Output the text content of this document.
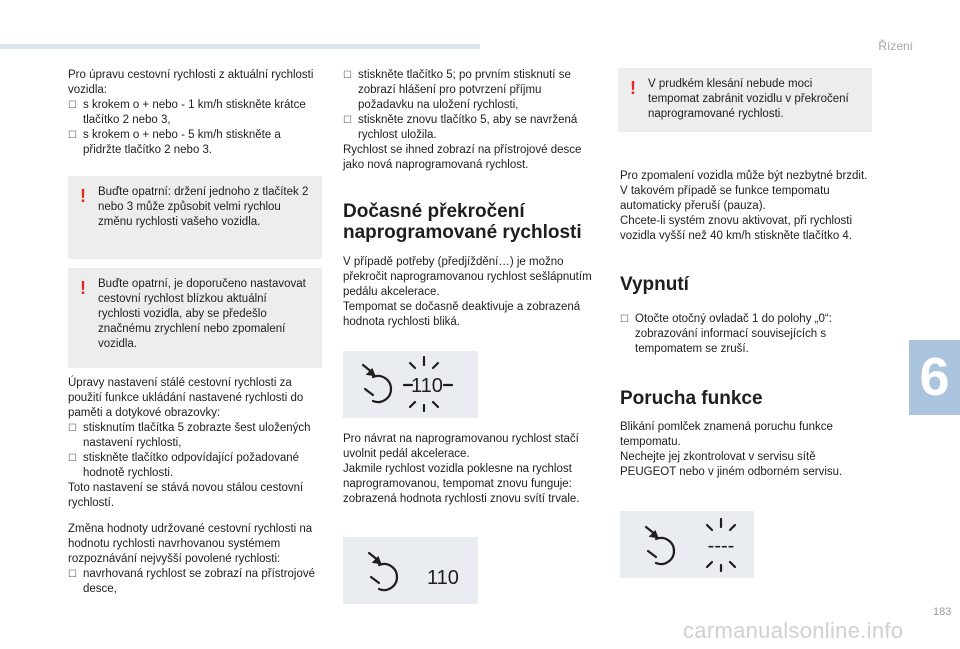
Řízení
6
183

Pro úpravu cestovní rychlosti z aktuální rychlosti vozidla:

☐ s krokem o + nebo - 1 km/h stiskněte krátce tlačítko 2 nebo 3,
☐ s krokem o + nebo - 5 km/h stiskněte a přidržte tlačítko 2 nebo 3.
! Buďte opatrní: držení jednoho z tlačítek 2 nebo 3 může způsobit velmi rychlou změnu rychlosti vašeho vozidla.
! Buďte opatrní, je doporučeno nastavovat cestovní rychlost blízkou aktuální rychlosti vozidla, aby se předešlo značnému zrychlení nebo zpomalení vozidla.

Úpravy nastavení stálé cestovní rychlosti za použití funkce ukládání nastavené rychlosti do paměti a dotykové obrazovky:

☐ stisknutím tlačítka 5 zobrazte šest uložených nastavení rychlosti,
☐ stiskněte tlačítko odpovídající požadované hodnotě rychlosti.

Toto nastavení se stává novou stálou cestovní rychlostí.

Změna hodnoty udržované cestovní rychlosti na hodnotu rychlosti navrhovanou systémem rozpoznávání nejvyšší povolené rychlosti:

☐ navrhovaná rychlost se zobrazí na přístrojové desce,
☐ stiskněte tlačítko 5; po prvním stisknutí se zobrazí hlášení pro potvrzení příjmu požadavku na uložení rychlosti,
☐ stiskněte znovu tlačítko 5, aby se navržená rychlost uložila.

Rychlost se ihned zobrazí na přístrojové desce jako nová naprogramovaná rychlost.

Dočasné překročení naprogramované rychlosti

V případě potřeby (předjíždění…) je možno překročit naprogramovanou rychlost sešlápnutím pedálu akcelerace.

Tempomat se dočasně deaktivuje a zobrazená hodnota rychlosti bliká.

110

Pro návrat na naprogramovanou rychlost stačí uvolnit pedál akcelerace.

Jakmile rychlost vozidla poklesne na rychlost naprogramovanou, tempomat znovu funguje: zobrazená hodnota rychlosti znovu svítí trvale.

110
! V prudkém klesání nebude moci tempomat zabránit vozidlu v překročení naprogramované rychlosti.

Pro zpomalení vozidla může být nezbytné brzdit. V takovém případě se funkce tempomatu automaticky přeruší (pauza).

Chcete-li systém znovu aktivovat, při rychlosti vozidla vyšší než 40 km/h stiskněte tlačítko 4.

Vypnutí
☐ Otočte otočný ovladač 1 do polohy „0“: zobrazování informací souvisejících s tempomatem se zruší.
Porucha funkce

Blikání pomlček znamená poruchu funkce tempomatu.

Nechejte jej zkontrolovat v servisu sítě PEUGEOT nebo v jiném odborném servisu.

----
carmanualsonline.info
